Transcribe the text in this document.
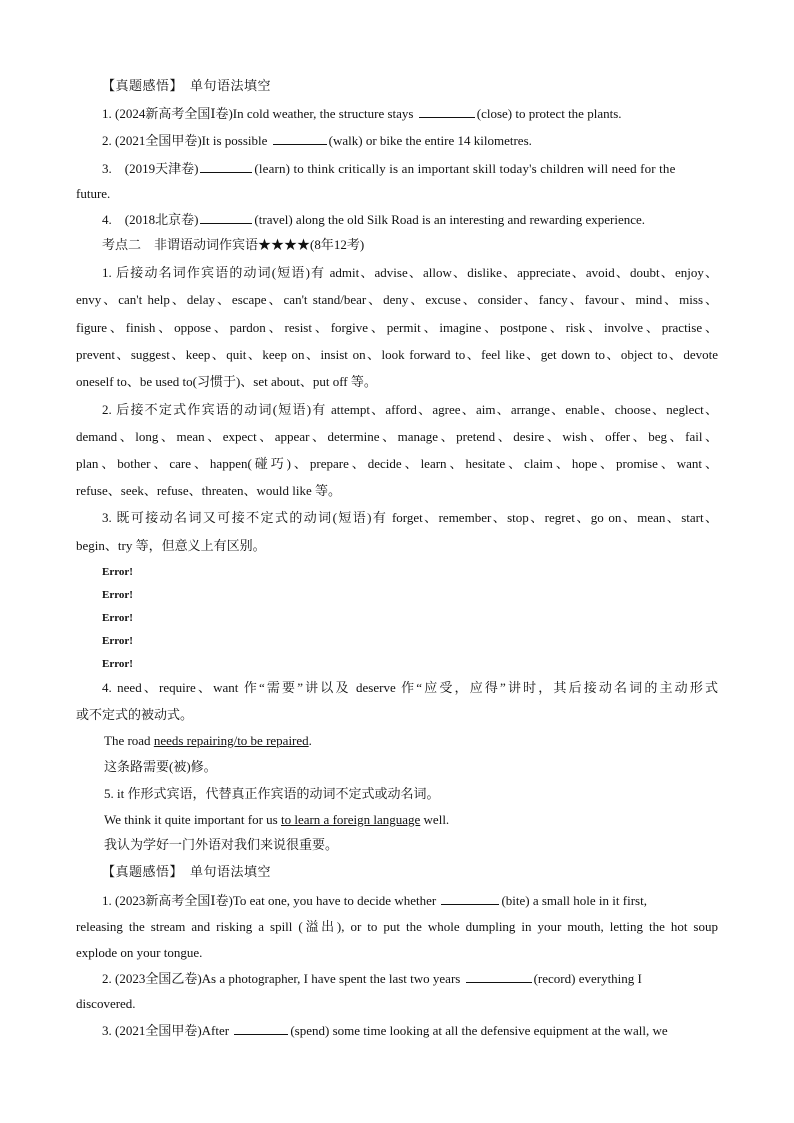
【真题感悟】　单句语法填空
1. (2024新高考全国Ⅰ卷)In cold weather, the structure stays	(close) to protect the plants.
2. (2021全国甲卷)It is possible	(walk) or bike the entire 14 kilometres.
3.　(2019天津卷)	(learn) to think critically is an important skill today's children will need for the
future.
4.　(2018北京卷)	(travel) along the old Silk Road is an interesting and rewarding experience.
考点二　非谓语动词作宾语★★★★(8年12考)
1. 后接动名词作宾语的动词(短语)有 admit、advise、allow、dislike、appreciate、avoid、doubt、enjoy、
envy、can't help、delay、escape、can't stand/bear、deny、excuse、consider、fancy、favour、mind、miss、
figure、finish、oppose、pardon、resist、forgive、permit、imagine、postpone、risk、involve、practise、
prevent、suggest、keep、quit、keep on、insist on、look forward to、feel like、get down to、object to、devote
oneself to、be used to(习惯于)、set about、put off 等。
2. 后接不定式作宾语的动词(短语)有 attempt、afford、agree、aim、arrange、enable、choose、neglect、
demand、long、mean、expect、appear、determine、manage、pretend、desire、wish、offer、beg、fail、
plan、bother、care、happen(碰巧)、prepare、decide、learn、hesitate、claim、hope、promise、want、
refuse、seek、refuse、threaten、would like 等。
3. 既可接动名词又可接不定式的动词(短语)有 forget、remember、stop、regret、go on、mean、start、
begin、try 等，但意义上有区别。
Error!
Error!
Error!
Error!
Error!
4. need、require、want 作“需要”讲以及 deserve 作“应受，应得”讲时，其后接动名词的主动形式
或不定式的被动式。
The road needs repairing/to be repaired.
这条路需要(被)修。
5. it 作形式宾语，代替真正作宾语的动词不定式或动名词。
We think it quite important for us to learn a foreign language well.
我认为学好一门外语对我们来说很重要。
【真题感悟】　单句语法填空
1. (2023新高考全国Ⅰ卷)To eat one, you have to decide whether	(bite) a small hole in it first,
releasing the stream and risking a spill (溢出), or to put the whole dumpling in your mouth, letting the hot soup
explode on your tongue.
2. (2023全国乙卷)As a photographer, I have spent the last two years	(record) everything I
discovered.
3. (2021全国甲卷)After	(spend) some time looking at all the defensive equipment at the wall, we
